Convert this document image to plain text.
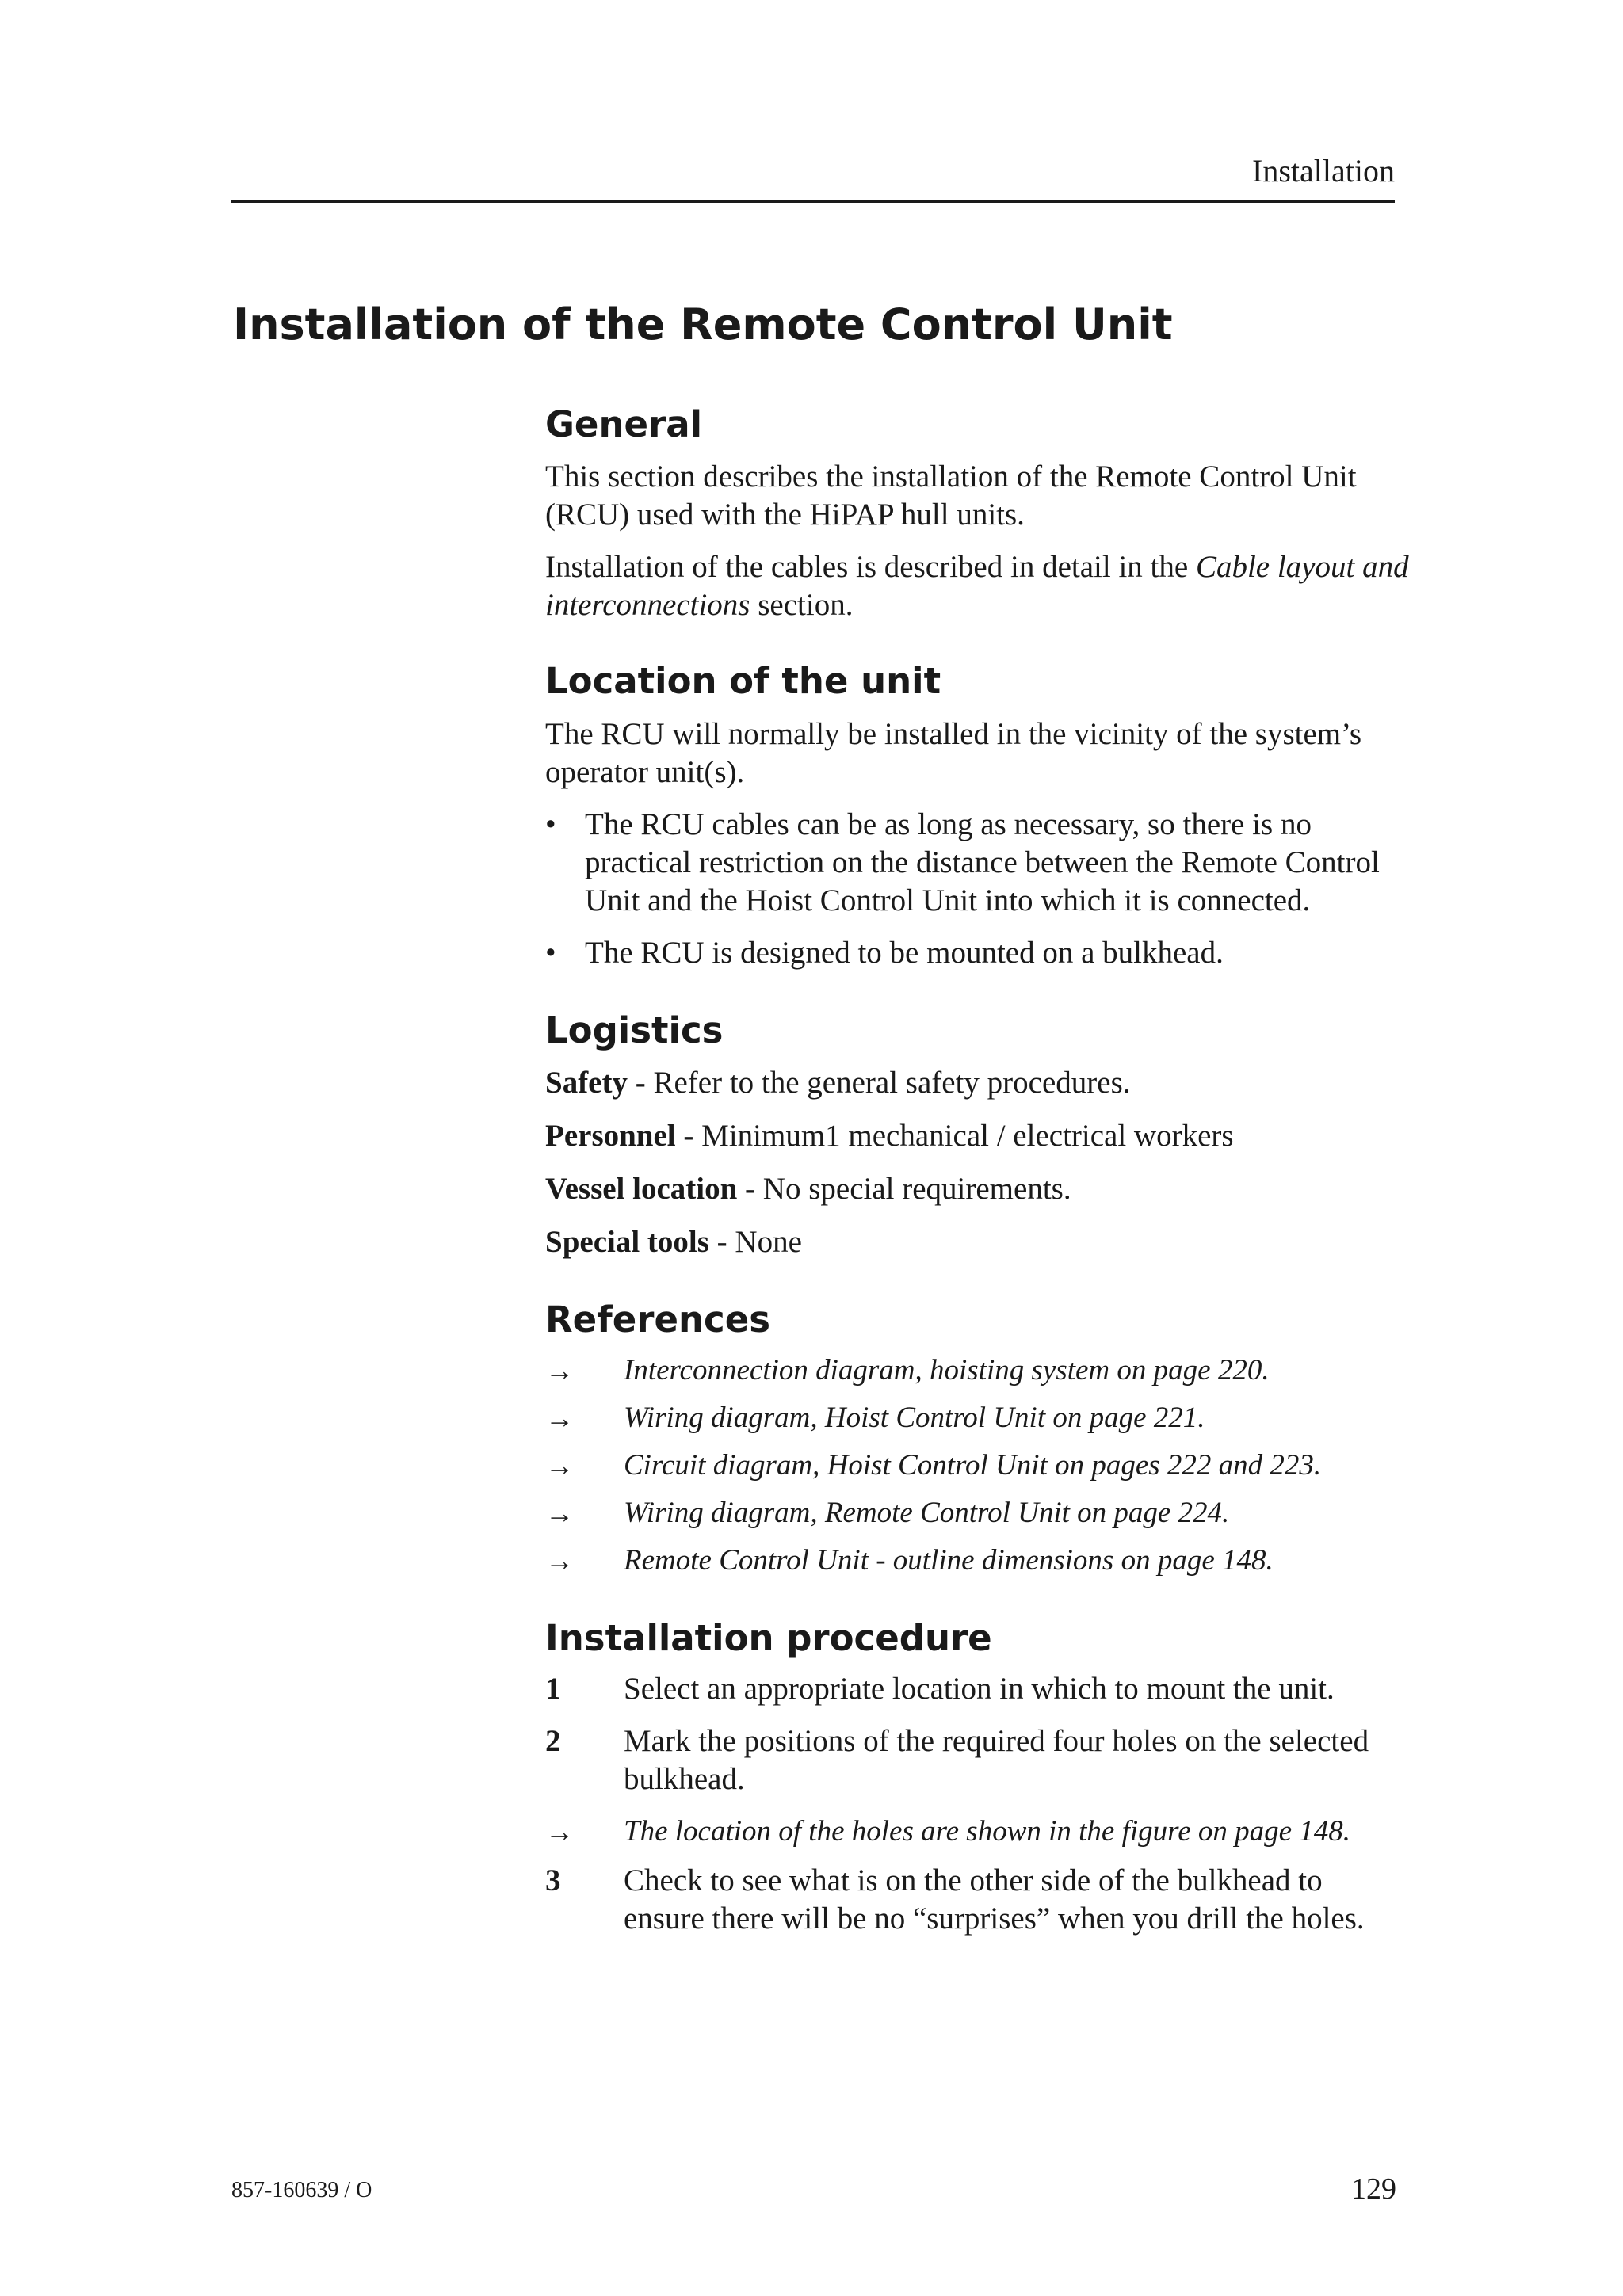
Installation
Installation of the Remote Control Unit
General

This section describes the installation of the Remote Control Unit (RCU) used with the HiPAP hull units.

Installation of the cables is described in detail in the Cable layout and interconnections section.

Location of the unit

The RCU will normally be installed in the vicinity of the system’s operator unit(s).

• The RCU cables can be as long as necessary, so there is no practical restriction on the distance between the Remote Control Unit and the Hoist Control Unit into which it is connected.
• The RCU is designed to be mounted on a bulkhead.
Logistics

Safety - Refer to the general safety procedures.

Personnel - Minimum1 mechanical / electrical workers

Vessel location - No special requirements.

Special tools - None

References
→ Interconnection diagram, hoisting system on page 220.
→ Wiring diagram, Hoist Control Unit on page 221.
→ Circuit diagram, Hoist Control Unit on pages 222 and 223.
→ Wiring diagram, Remote Control Unit on page 224.
→ Remote Control Unit - outline dimensions on page 148.
Installation procedure
1 Select an appropriate location in which to mount the unit.
2 Mark the positions of the required four holes on the selected bulkhead.
→ The location of the holes are shown in the figure on page 148.
3 Check to see what is on the other side of the bulkhead to ensure there will be no “surprises” when you drill the holes.
857-160639 / O	129
